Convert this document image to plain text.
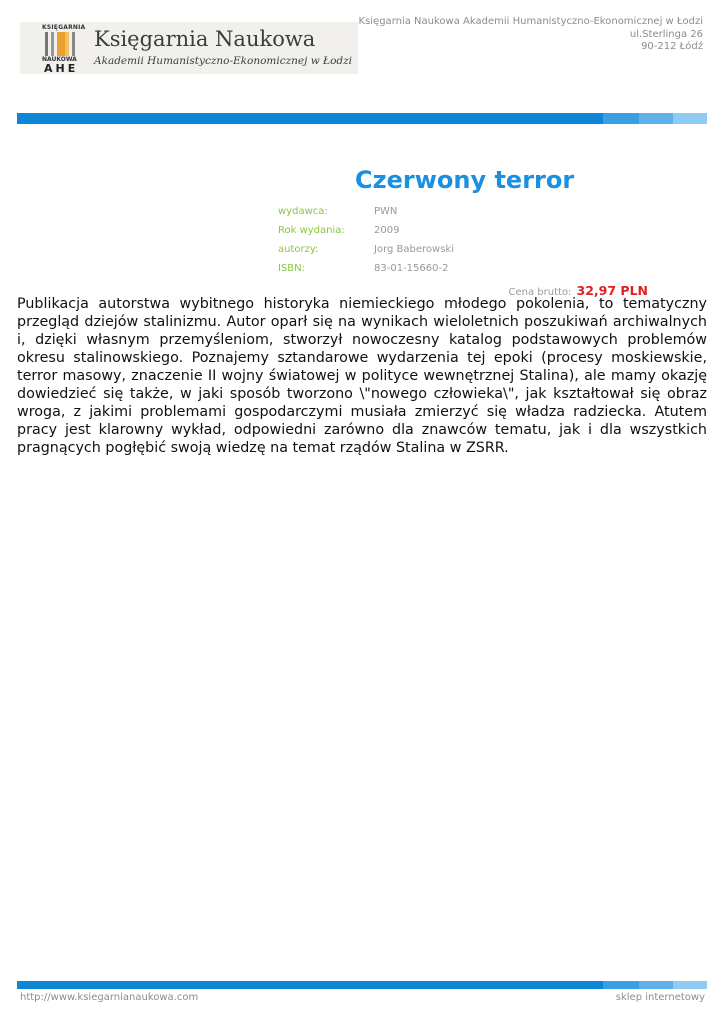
KSIĘGARNIA
NAUKOWA
AHE

Księgarnia Naukowa

Akademii Humanistyczno-Ekonomicznej w Łodzi

Księgarnia Naukowa Akademii Humanistyczno-Ekonomicznej w Łodzi
ul.Sterlinga 26
90-212 Łódź
Czerwony terror
wydawca:	PWN
Rok wydania:	2009
autorzy:	Jorg Baberowski
ISBN:	83-01-15660-2
Cena brutto: 32,97 PLN

Publikacja autorstwa wybitnego historyka niemieckiego młodego pokolenia, to tematyczny przegląd dziejów stalinizmu. Autor oparł się na wynikach wieloletnich poszukiwań archiwalnych i, dzięki własnym przemyśleniom, stworzył nowoczesny katalog podstawowych problemów okresu stalinowskiego. Poznajemy sztandarowe wydarzenia tej epoki (procesy moskiewskie, terror masowy, znaczenie II wojny światowej w polityce wewnętrznej Stalina), ale mamy okazję dowiedzieć się także, w jaki sposób tworzono \"nowego człowieka\", jak kształtował się obraz wroga, z jakimi problemami gospodarczymi musiała zmierzyć się władza radziecka. Atutem pracy jest klarowny wykład, odpowiedni zarówno dla znawców tematu, jak i dla wszystkich pragnących pogłębić swoją wiedzę na temat rządów Stalina w ZSRR.

http://www.ksiegarnianaukowa.com	sklep internetowy
